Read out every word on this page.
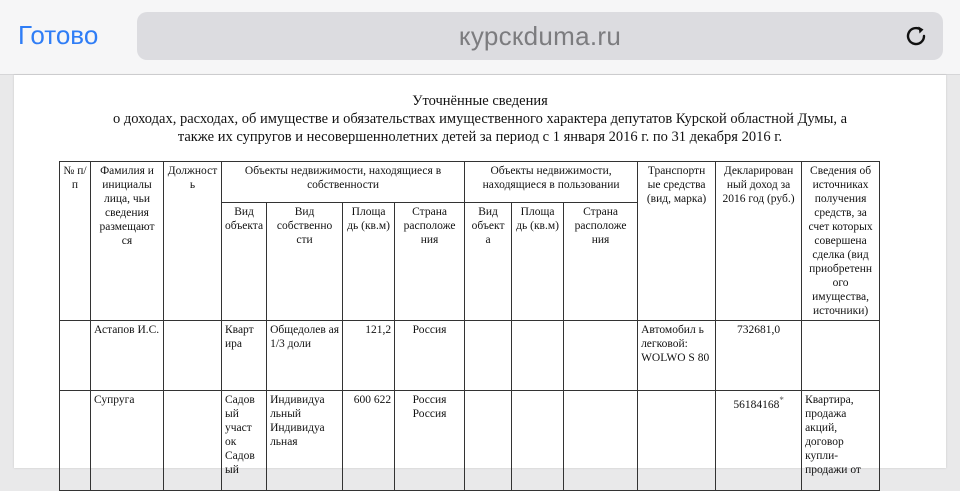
Готово	курскduma.ru
Уточнённые сведения
о доходах, расходах, об имуществе и обязательствах имущественного характера депутатов Курской областной Думы, а
также их супругов и несовершеннолетних детей за период с 1 января 2016 г. по 31 декабря 2016 г.
№ п/п	Фамилия и инициалы лица, чьи сведения размещают ся	Должност ь	Объекты недвижимости, находящиеся в собственности				Объекты недвижимости, находящиеся в пользовании			Транспортн ые средства (вид, марка)	Декларирован ный доход за 2016 год (руб.)	Сведения об источниках получения средств, за счет которых совершена сделка (вид приобретенн ого имущества, источники)
			Вид объекта	Вид собственно сти	Площа дь (кв.м)	Страна расположе ния	Вид объект а	Площа дь (кв.м)	Страна расположе ния			
	Астапов И.С.		Кварт ира	Общедолев ая 1/3 доли	121,2	Россия				Автомобил ь легковой: WOLWO S 80	732681,0	
	Супруга		Садов ый участ ок Садов ый	Индивидуа льный Индивидуа льная	600 622	Россия Россия					56184168*	Квартира, продажа акций, договор купли- продажи от
